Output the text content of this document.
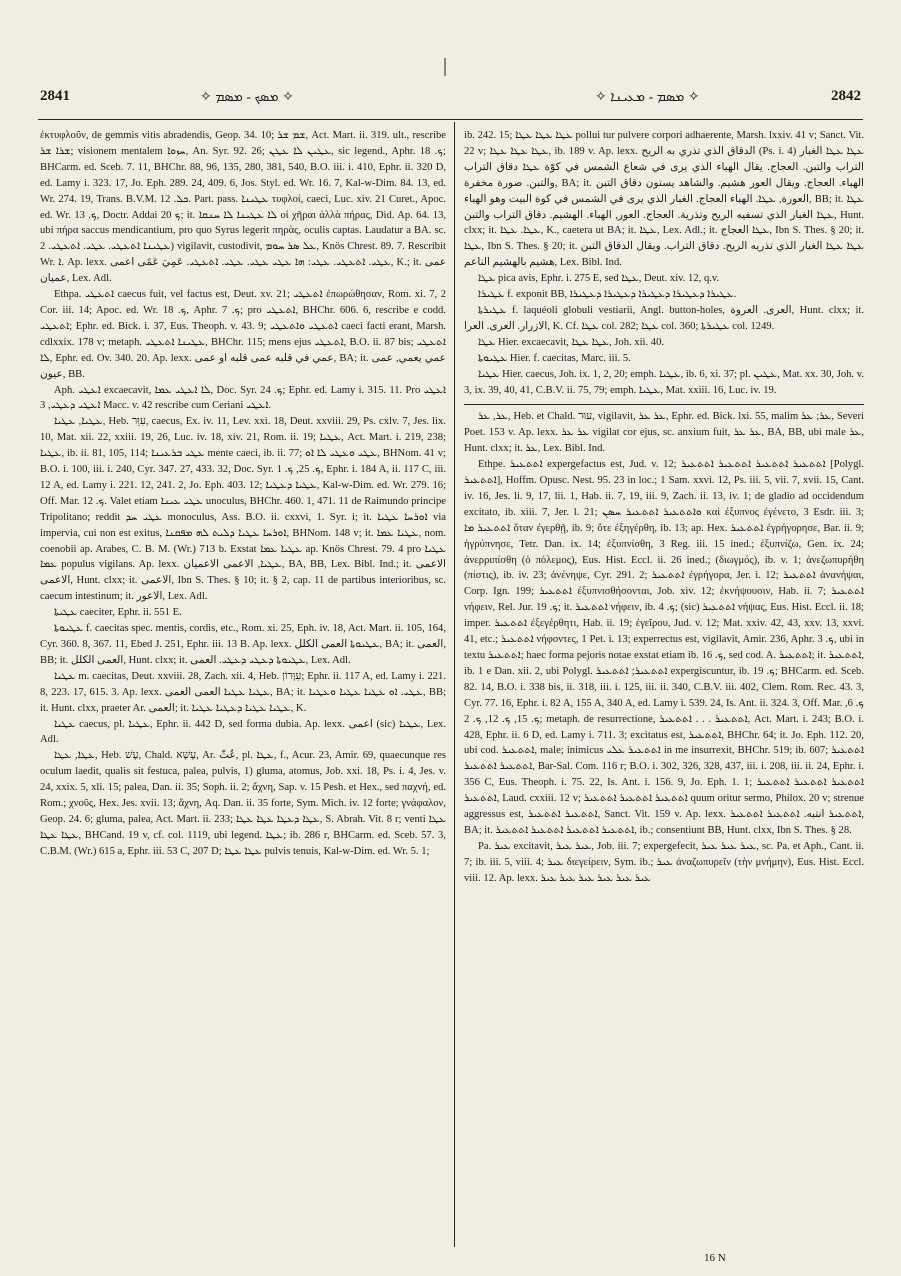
2841	✧ ܡܣܟ - ܡܣܡ ✧	✧ ܡܣܡ - ܡܥܝܢܐ ✧	2842

ἐκτυφλοῦν, de gemmis vitis abradendis, Geop. 34. 10; ܫܡ ܫܪ, Act. Mart. ii. 319. ult., rescribe ܫܪܐ ܫܪ; visionem mentalem ܚܙܘܐ, An. Syr. 92. 26; ܥܛܝܢ ܠܐ ܥܛܢ, sic legend., Aphr. ܟ. 18; BHCarm. ed. Sceb. 7. 11, BHChr. 88, 96, 135, 280, 381, 540, B.O. iii. i. 410, Ephr. ii. 320 D, ed. Lamy i. 323. 17, Jo. Eph. 289. 24, 409. 6, Jos. Styl. ed. Wr. 16. 7, Kal-w-Dim. 84. 13, ed. Wr. 274. 19, Trans. B.V.M. ܟܠ. 12. Part. pass. ܥܛܝܢܐ τυφλοί, caeci, Luc. xiv. 21 Curet., Apoc. ed. Wr. ܟ. 13, Doctr. Addai ܟ 20; it. ܠܐ ܥܛܝܢܐ ܠܐ ܚܢܩܐ οἱ χῆραι ἀλλὰ πήρας, Did. Ap. 64. 13, ubi πήρα saccus mendicantium, pro quo Syrus legerit πηρὰς, oculis captas. Laudatur a BA. sc. ܥܛܝܢܐ ܐܬܥܛܝ. ܥܛܝ. ܐܬܥܛܝ. 2) vigilavit, custodivit, ܥܠ ܣܪ ܚܘܡ, Knös Chrest. 89. 7. Rescribit Wr. ܐ. Ap. lexx. ܥܛܝ. ܐܬܥܛܝ. ܥܛܝ: ܗܐ ܥܛܝ ܥܛܝ. ܥܛܝ. ܐܬܥܛܝ. عَمِيَ عَمًى اعمى, K.; it. عمى عميان, Lex. Adl.

Ethpa. ܐܬܥܛܝ caecus fuit, vel factus est, Deut. xv. 21; ܐܬܥܛܝ ἐπωρώθησαν, Rom. xi. 7, 2 Cor. iii. 14; Apoc. ed. Wr. ܟ. 18, Aphr. ܟ. 7; pro ܐܬܥܛܝ, BHChr. 606. 6, rescribe e codd. ܐܬܥܛܝ; Ephr. ed. Bick. i. 37, Eus. Theoph. v. 43. 9; ܐܬܥܛܝ ܘܐܬܥܛܝ caeci facti erant, Marsh. cdlxxix. 178 v; metaph. ܥܛܝܢܐ ܐܬܥܛܝ, BHChr. 115; mens ejus ܐܬܥܛܝ, B.O. ii. 87 bis; ܐܬܥܛܝ ܠܐ, Ephr. ed. Ov. 340. 20. Ap. lexx. عمي في قلبه عمى قلبه او عمى, BA; it. عمي يعمي, عمى عيون, BB.

Aph. ܐܥܛܝ excaecavit, ܠܐ ܐܥܛܝ ܥܡܐ, Doc. Syr. ܟ. 24; Ephr. ed. Lamy i. 315. 11. Pro ܐܥܛܝ ܐܥܛܝ ܕܥܛܝ, 3 Macc. v. 42 rescribe cum Ceriani ܐܥܛܝ.

ܥܛܝܐ, ܥܛܝܐ, Heb. עִוֵּר, caecus, Ex. iv. 11, Lev. xxi. 18, Deut. xxviii. 29, Ps. cxlv. 7, Jes. lix. 10, Mat. xii. 22, xxiii. 19, 26, Luc. iv. 18, xiv. 21, Rom. ii. 19; ܥܛܝܐ, Act. Mart. i. 219, 238; ܥܛܝܐ, ib. ii. 81, 105, 114; ܥܛܝ ܒܪܥܝܢܐ mente caeci, ib. ii. 77; ܥܛܝ ܘܥܛܝ ܠܐ ܐܘ, BHNom. 41 v; B.O. i. 100, iii. i. 240, Cyr. 347. 27, 433. 32, Doc. Syr. ܟ. 25, ܟ. 1, Ephr. i. 184 A, ii. 117 C, iii. 12 A, ed. Lamy i. 221. 12, 241. 2, Jo. Eph. 403. 12; ܥܛܝܐ ܕܥܛܝܐ, Kal-w-Dim. ed. Wr. 279. 16; Off. Mar. ܟ. 12. Valet etiam ܥܛܝ ܥܝܢܐ unoculus, BHChr. 460. 1, 471. 11 de Raimundo principe Tripolitano; reddit ܥܛܝ ܚܕ monoculus, Ass. B.O. ii. cxxvi, 1. Syr. i; it. ܐܘܪܚܐ ܥܛܝܐ via impervia, cui non est exitus, ܐܘܪܚܐ ܥܛܝܐ ܕܠܝܬ ܠܗ ܡܦܩܢܐ, BHNom. 148 v; it. ܥܛܝܐ ܥܡܐ, nom. coenobii ap. Arabes, C. B. M. (Wr.) 713 b. Exstat ܥܛܝܐ ܥܡܐ ap. Knös Chrest. 79. 4 pro ܥܛܝܐ ܥܡܐ populus vigilans. Ap. lexx. ܥܛܝܐ, الاعمى الاعميان, BA, BB, Lex. Bibl. Ind.; it. الاعمى الاعمى, Hunt. clxx; it. الاعمى, Ibn S. Thes. § 10; it. § 2, cap. 11 de partibus interioribus, sc. caecum intestinum; it. الاعور, Lex. Adl.

ܥܛܝܬܐ caeciter, Ephr. ii. 551 E.

ܥܛܝܘܬܐ f. caecitas spec. mentis, cordis, etc., Rom. xi. 25, Eph. iv. 18, Act. Mart. ii. 105, 164, Cyr. 360. 8, 367. 11, Ebed J. 251, Ephr. iii. 13 B. Ap. lexx. ܥܛܝܘܬܐ العمى الكلل, BA; it. العمى, BB; it. العمى الكلل, Hunt. clxx; it. ܥܛܝܘܬܐ ܕܥܛܝ ܕܥܛܝ. العمى, Lex. Adl.

ܥܛܝܐ m. caecitas, Deut. xxviii. 28, Zach. xii. 4, Heb. עִוָּרוֹן; Ephr. ii. 117 A, ed. Lamy i. 221. 8, 223. 17, 615. 3. Ap. lexx. ܥܛܝܐ ܥܛܝܐ العمى العمى, BA; it. ܥܛܝ. ܐܘ ܥܛܝܐ ܥܛܝܐ ܘܥܛܝܐ, BB; it. Hunt. clxx, praeter Ar. العمى; it. ܥܛܝܐ ܥܛܝܐ ܕܥܛܝܐ ܥܛܝܐ, K.

ܥܛܝܐ caecus, pl. ܥܛܝܐ, Ephr. ii. 442 D, sed forma dubia. Ap. lexx. اعمى (sic) ܥܛܝܐ, Lex. Adl.

ܥܛܐ, ܥܛܐ, Heb. עָשׁ, Chald. עָשָׁא, Ar. عُثّ, pl. ܥܛܐ, f., Acur. 23, Amir. 69, quaecunque res oculum laedit, qualis sit festuca, palea, pulvis, 1) gluma, atomus, Job. xxi. 18, Ps. i. 4, Jes. v. 24, xxix. 5, xli. 15; palea, Dan. ii. 35; Soph. ii. 2; ἄχνη, Sap. v. 15 Pesh. et Hex., sed παχνή, ed. Rom.; χνοῦς, Hex. Jes. xvii. 13; ἄχνη, Aq. Dan. ii. 35 forte, Sym. Mich. iv. 12 forte; γνάφαλον, Geop. 24. 6; gluma, palea, Act. Mart. ii. 233; ܥܛܐ ܕܥܛܐ ܥܛܐ ܥܛܐ, S. Abrah. Vit. 8 r; venti ܥܛܐ ܥܛܐ ܥܛܐ, BHCand. 19 v, cf. col. 1119, ubi legend. ܥܛܐ; ib. 286 r, BHCarm. ed. Sceb. 57. 3, C.B.M. (Wr.) 615 a, Ephr. iii. 53 C, 207 D; ܥܛܐ ܥܛܐ pulvis tenuis, Kal-w-Dim. ed. Wr. 5. 1;

ib. 242. 15; ܥܛܐ ܥܛܐ ܥܛܐ pollui tur pulvere corpori adhaerente, Marsh. lxxiv. 41 v; Sanct. Vit. 22 v; ܥܛܐ ܥܛܐ ܥܛܐ, ib. 189 v. Ap. lexx. الدقاق الذي تذري به الريح (Ps. i. 4) ܥܛܐ ܥܛܐ الغبار التراب والتبن. العجاج. يقال الهباء الذي يرى في شعاع الشمس في كوّة ܥܛܐ دقاق التراب والتبن. صورة مخفرة, BA; it. الهباء. العجاج. ويقال العور هشيم. والشاهد يستون دقاق التبن العورة, ܥܛܐ. الهباء العجاج. الغبار الذي يرى في الشمس في كوة البيت وهو الهباء, BB; it. ܥܛܐ ܥܛܐ الغبار الذي تسفيه الريح وتذرية. العجاج. العور, الهباء. الهشيم. دقاق التراب والتبن, Hunt. clxx; it. ܥܛܐ. ܥܛܐ, K., caetera ut BA; it. ܥܛܐ, Lex. Adl.; it. ܥܛܐ العجاج, Ibn S. Thes. § 20; it. ܥܛܐ, Ibn S. Thes. § 20; it. ܥܛܐ ܥܛܐ الغبار الذي تذريه الريح. دقاق التراب. ويقال الدقاق التبن هشيم بالهشيم الناعم, Lex. Bibl. Ind.

ܥܛܐ pica avis, Ephr. i. 275 E, sed ܥܛܐ, Deut. xiv. 12, q.v.

ܥܛܝܪܐ f. exponit BB, ܥܛܝܪܐ ܕܥܛܝܪܐ ܕܥܛܝܪܐ ܕܥܛܝܪܐ ܕܥܛܝܪܐ.

ܥܛܝܪܬܐ f. laquéoli globuli vestiarii, Angl. button-holes, العرى. العروة, Hunt. clxx; it. الازرار. العرى. العرا, K. Cf. ܥܛܐ col. 282; ܥܛܐ col. 360; ܥܛܝܪܬܐ col. 1249.

ܥܛܐ Hier. excaecavit, ܥܛܐ ܥܛܐ, Joh. xii. 40.

ܥܛܝܘܬܐ Hier. f. caecitas, Marc. iii. 5.

ܥܛܝܐ Hier. caecus, Joh. ix. 1, 2, 20; emph. ܥܛܝܐ, ib. 6, xi. 37; pl. ܥܛܝܢ, Mat. xx. 30, Joh. v. 3, ix. 39, 40, 41, C.B.V. ii. 75, 79; emph. ܥܛܝܐ, Mat. xxiii. 16, Luc. iv. 19.

ܥܪ, ܥܪ, Heb. et Chald. עוּר, vigilavit, ܥܪ ܥܪ, Ephr. ed. Bick. lxi. 55, malim ܥܪ; ܥܪ, Severi Poet. 153 v. Ap. lexx. ܥܪ ܥܪ vigilat cor ejus, sc. anxium fuit, ܥܪ ܥܪ, BA, BB, ubi male ܥܪ, Hunt. clxx; it. ܥܪ, Lex. Bibl. Ind.

Ethpe. ܐܬܬܥܝܪ expergefactus est, Jud. v. 12; ܐܬܬܥܝܪ ܐܬܬܥܝܪ ܐܬܬܥܝܪ ܐܬܬܥܝܪ [Polygl. ܐܬܬܥܝܪ], Hoffm. Opusc. Nest. 95. 23 in loc.; 1 Sam. xxvi. 12, Ps. iii. 5, vii. 7, xvii. 15, Cant. iv. 16, Jes. li. 9, 17, lii. 1, Hab. ii. 7, 19, iii. 9, Zach. ii. 13, iv. 1; de gladio ad occidendum excitato, ib. xiii. 7, Jer. l. 21; ܘܐܬܬܥܝܪ ܐܬܬܥܝܪ ܚܣܢ καὶ ἐξυπνος ἐγένετο, 3 Esdr. iii. 3; ܐܬܬܥܝܪ ܡܐ ὅταν ἐγερθῇ, ib. 9; ὅτε ἐξηγέρθη, ib. 13; ap. Hex. ܐܬܬܥܝܪ ἐγρήγορησε, Bar. ii. 9; ἠγρύπνησε, Tetr. Dan. ix. 14; ἐξυπνίσθη, 3 Reg. iii. 15 ined.; ἐξυπνίζω, Gen. ix. 24; ἀνερριπίσθη (ὁ πόλεμος), Eus. Hist. Eccl. ii. 26 ined.; (διωγμός), ib. v. 1; ἀνεζωπυρήθη (πίστις), ib. iv. 23; ἀνένηψε, Cyr. 291. 2; ܐܬܬܥܝܪ ἐγρήγορα, Jer. i. 12; ܐܬܬܥܝܪ ἀνανήψαι, Corp. Ign. 199; ܐܬܬܥܝܪ ἐξυπνισθήσονται, Job. xiv. 12; ἐκνήψουσιν, Hab. ii. 7; ܐܬܬܥܝܪ νήφειν, Rel. Jur. ܟ. 19; it. ܐܬܬܥܝܪ νήφειν, ib. ܟ. 4; (sic) ܐܬܬܥܝܪ νήψας, Eus. Hist. Eccl. ii. 18; imper. ܐܬܬܥܝܪ ἐξεγέρθητι, Hab. ii. 19; ἐγεῖρου, Jud. v. 12; Mat. xxiv. 42, 43, xxv. 13, xxvi. 41, etc.; ܐܬܬܥܝܪ νήφοντες, 1 Pet. i. 13; experrectus est, vigilavit, Amir. 236, Aphr. ܟ. 3, ubi in textu ܐܬܬܥܝܪ; haec forma pejoris notae exstat etiam ib. ܟ. 16, sed cod. A. ܐܬܬܥܝܪ; it. ܐܬܬܥܝܪ, ib. 1 e Dan. xii. 2, ubi Polygl. ܐܬܬܥܝܪ; ܐܬܬܥܝܪ expergiscuntur, ib. ܟ. 19; BHCarm. ed. Sceb. 82. 14, B.O. i. 338 bis, ii. 318, iii. i. 125, iii. ii. 340, C.B.V. iii. 402, Clem. Rom. Rec. 43. 3, Cyr. 77. 16, Ephr. i. 82 A, 155 A, 340 A, ed. Lamy i. 539. 24, Is. Ant. ii. 324. 3, Off. Mar. ܟ. 6, ܟ. 15, ܟ. 12, ܟ. 2; metaph. de resurrectione, ܐܬܬܥܝܪ . . . ܐܬܬܥܝܪ, Act. Mart. i. 243; B.O. i. 428, Ephr. ii. 6 D, ed. Lamy i. 711. 3; excitatus est, ܐܬܬܥܝܪ, BHChr. 64; it. Jo. Eph. 112. 20, ubi cod. ܐܬܬܥܝܪ, male; inimicus ܐܬܬܥܝܪ ܥܠܝ in me insurrexit, BHChr. 519; ib. 607; ܐܬܬܥܝܪ ܐܬܬܥܝܪ ܐܬܬܥܝܪ, Bar-Sal. Com. 116 r; B.O. i. 302, 326, 328, 437, iii. i. 208, iii. ii. 24, Ephr. i. 356 C, Eus. Theoph. i. 75. 22, Is. Ant. i. 156. 9, Jo. Eph. 1. 1; ܐܬܬܥܝܪ ܐܬܬܥܝܪ ܐܬܬܥܝܪ ܐܬܬܥܝܪ, Laud. cxxiii. 12 v; ܐܬܬܥܝܪ ܐܬܬܥܝܪ ܐܬܬܥܝܪ quum oritur sermo, Philox. 20 v; strenue aggressus est, ܐܬܬܥܝܪ ܐܬܬܥܝܪ, Sanct. Vit. 159 v. Ap. lexx. ܐܬܬܥܝܪ انتبه. ܐܬܬܥܝܪ ܐܬܬܥܝܪ, BA; it. ܐܬܬܥܝܪ ܐܬܬܥܝܪ ܐܬܬܥܝܪ ܐܬܬܥܝܪ, ib.; consentiunt BB, Hunt. clxx, Ibn S. Thes. § 28.

Pa. ܥܝܪ excitavit, ܥܝܪ ܥܝܪ, Job. iii. 7; expergefecit, ܥܝܪ ܥܝܪ ܥܝܪ, sc. Pa. et Aph., Cant. ii. 7; ib. iii. 5, viii. 4; ܥܝܪ διεγείρειν, Sym. ib.; ܥܝܪ ἀναζωπυρεῖν (τὴν μνήμην), Eus. Hist. Eccl. viii. 12. Ap. lexx. ܥܝܪ ܥܝܪ ܥܝܪ ܥܝܪ ܥܝܪ ܥܝܪ

16 N
